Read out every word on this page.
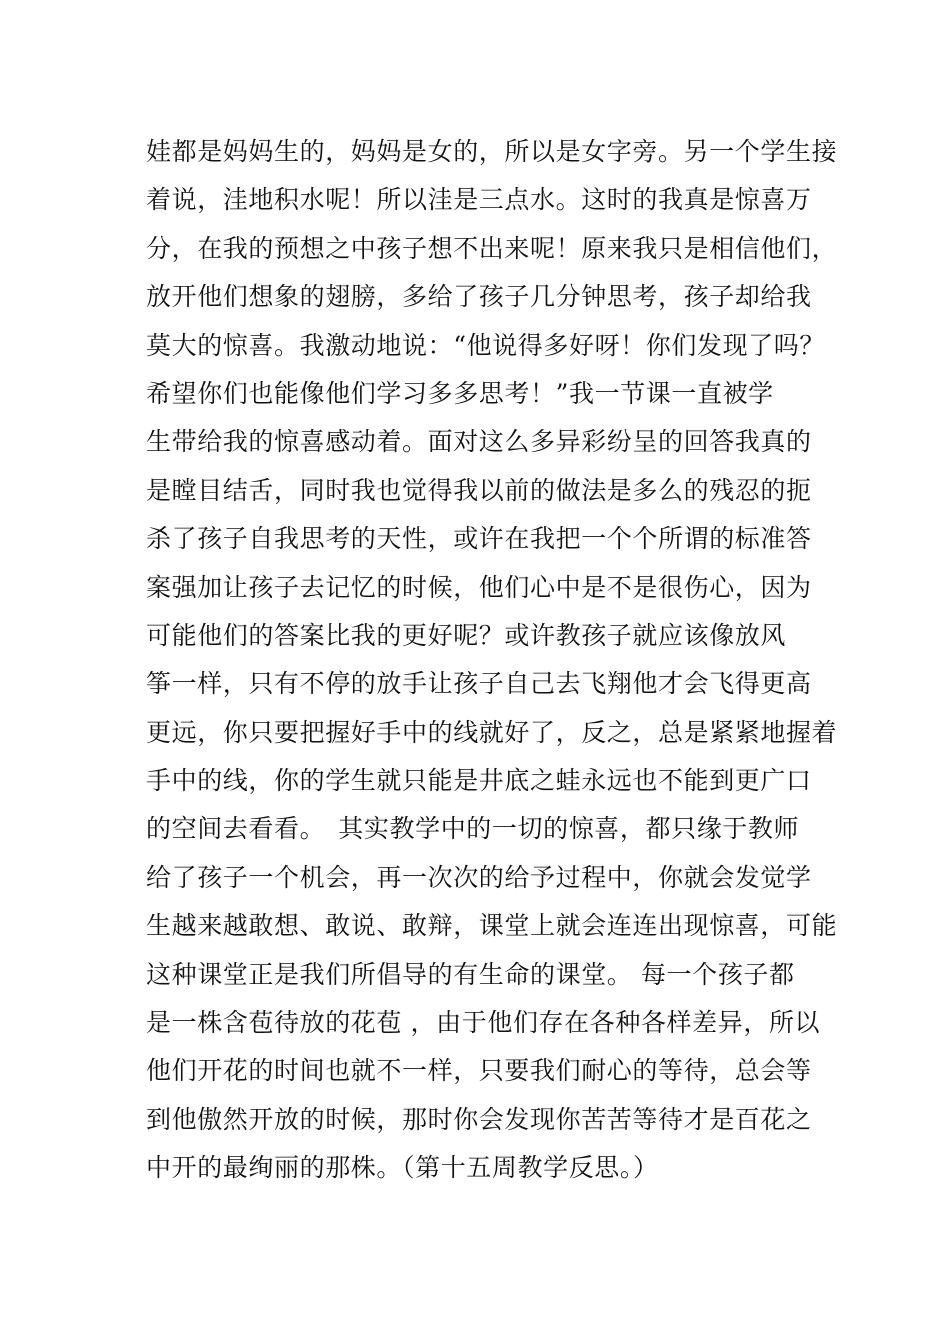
娃都是妈妈生的，妈妈是女的，所以是女字旁。另一个学生接
着说，洼地积水呢！所以洼是三点水。这时的我真是惊喜万
分，在我的预想之中孩子想不出来呢！原来我只是相信他们，
放开他们想象的翅膀，多给了孩子几分钟思考，孩子却给我
莫大的惊喜。我激动地说：“他说得多好呀！你们发现了吗？
希望你们也能像他们学习多多思考！”我一节课一直被学
生带给我的惊喜感动着。面对这么多异彩纷呈的回答我真的
是瞠目结舌，同时我也觉得我以前的做法是多么的残忍的扼
杀了孩子自我思考的天性，或许在我把一个个所谓的标准答
案强加让孩子去记忆的时候，他们心中是不是很伤心，因为
可能他们的答案比我的更好呢？或许教孩子就应该像放风
筝一样，只有不停的放手让孩子自己去飞翔他才会飞得更高
更远，你只要把握好手中的线就好了，反之，总是紧紧地握着
手中的线，你的学生就只能是井底之蛙永远也不能到更广口
的空间去看看。　其实教学中的一切的惊喜，都只缘于教师
给了孩子一个机会，再一次次的给予过程中，你就会发觉学
生越来越敢想、敢说、敢辩，课堂上就会连连出现惊喜，可能
这种课堂正是我们所倡导的有生命的课堂。 每一个孩子都
是一株含苞待放的花苞 ，由于他们存在各种各样差异，所以
他们开花的时间也就不一样，只要我们耐心的等待，总会等
到他傲然开放的时候，那时你会发现你苦苦等待才是百花之
中开的最绚丽的那株。（第十五周教学反思。）
